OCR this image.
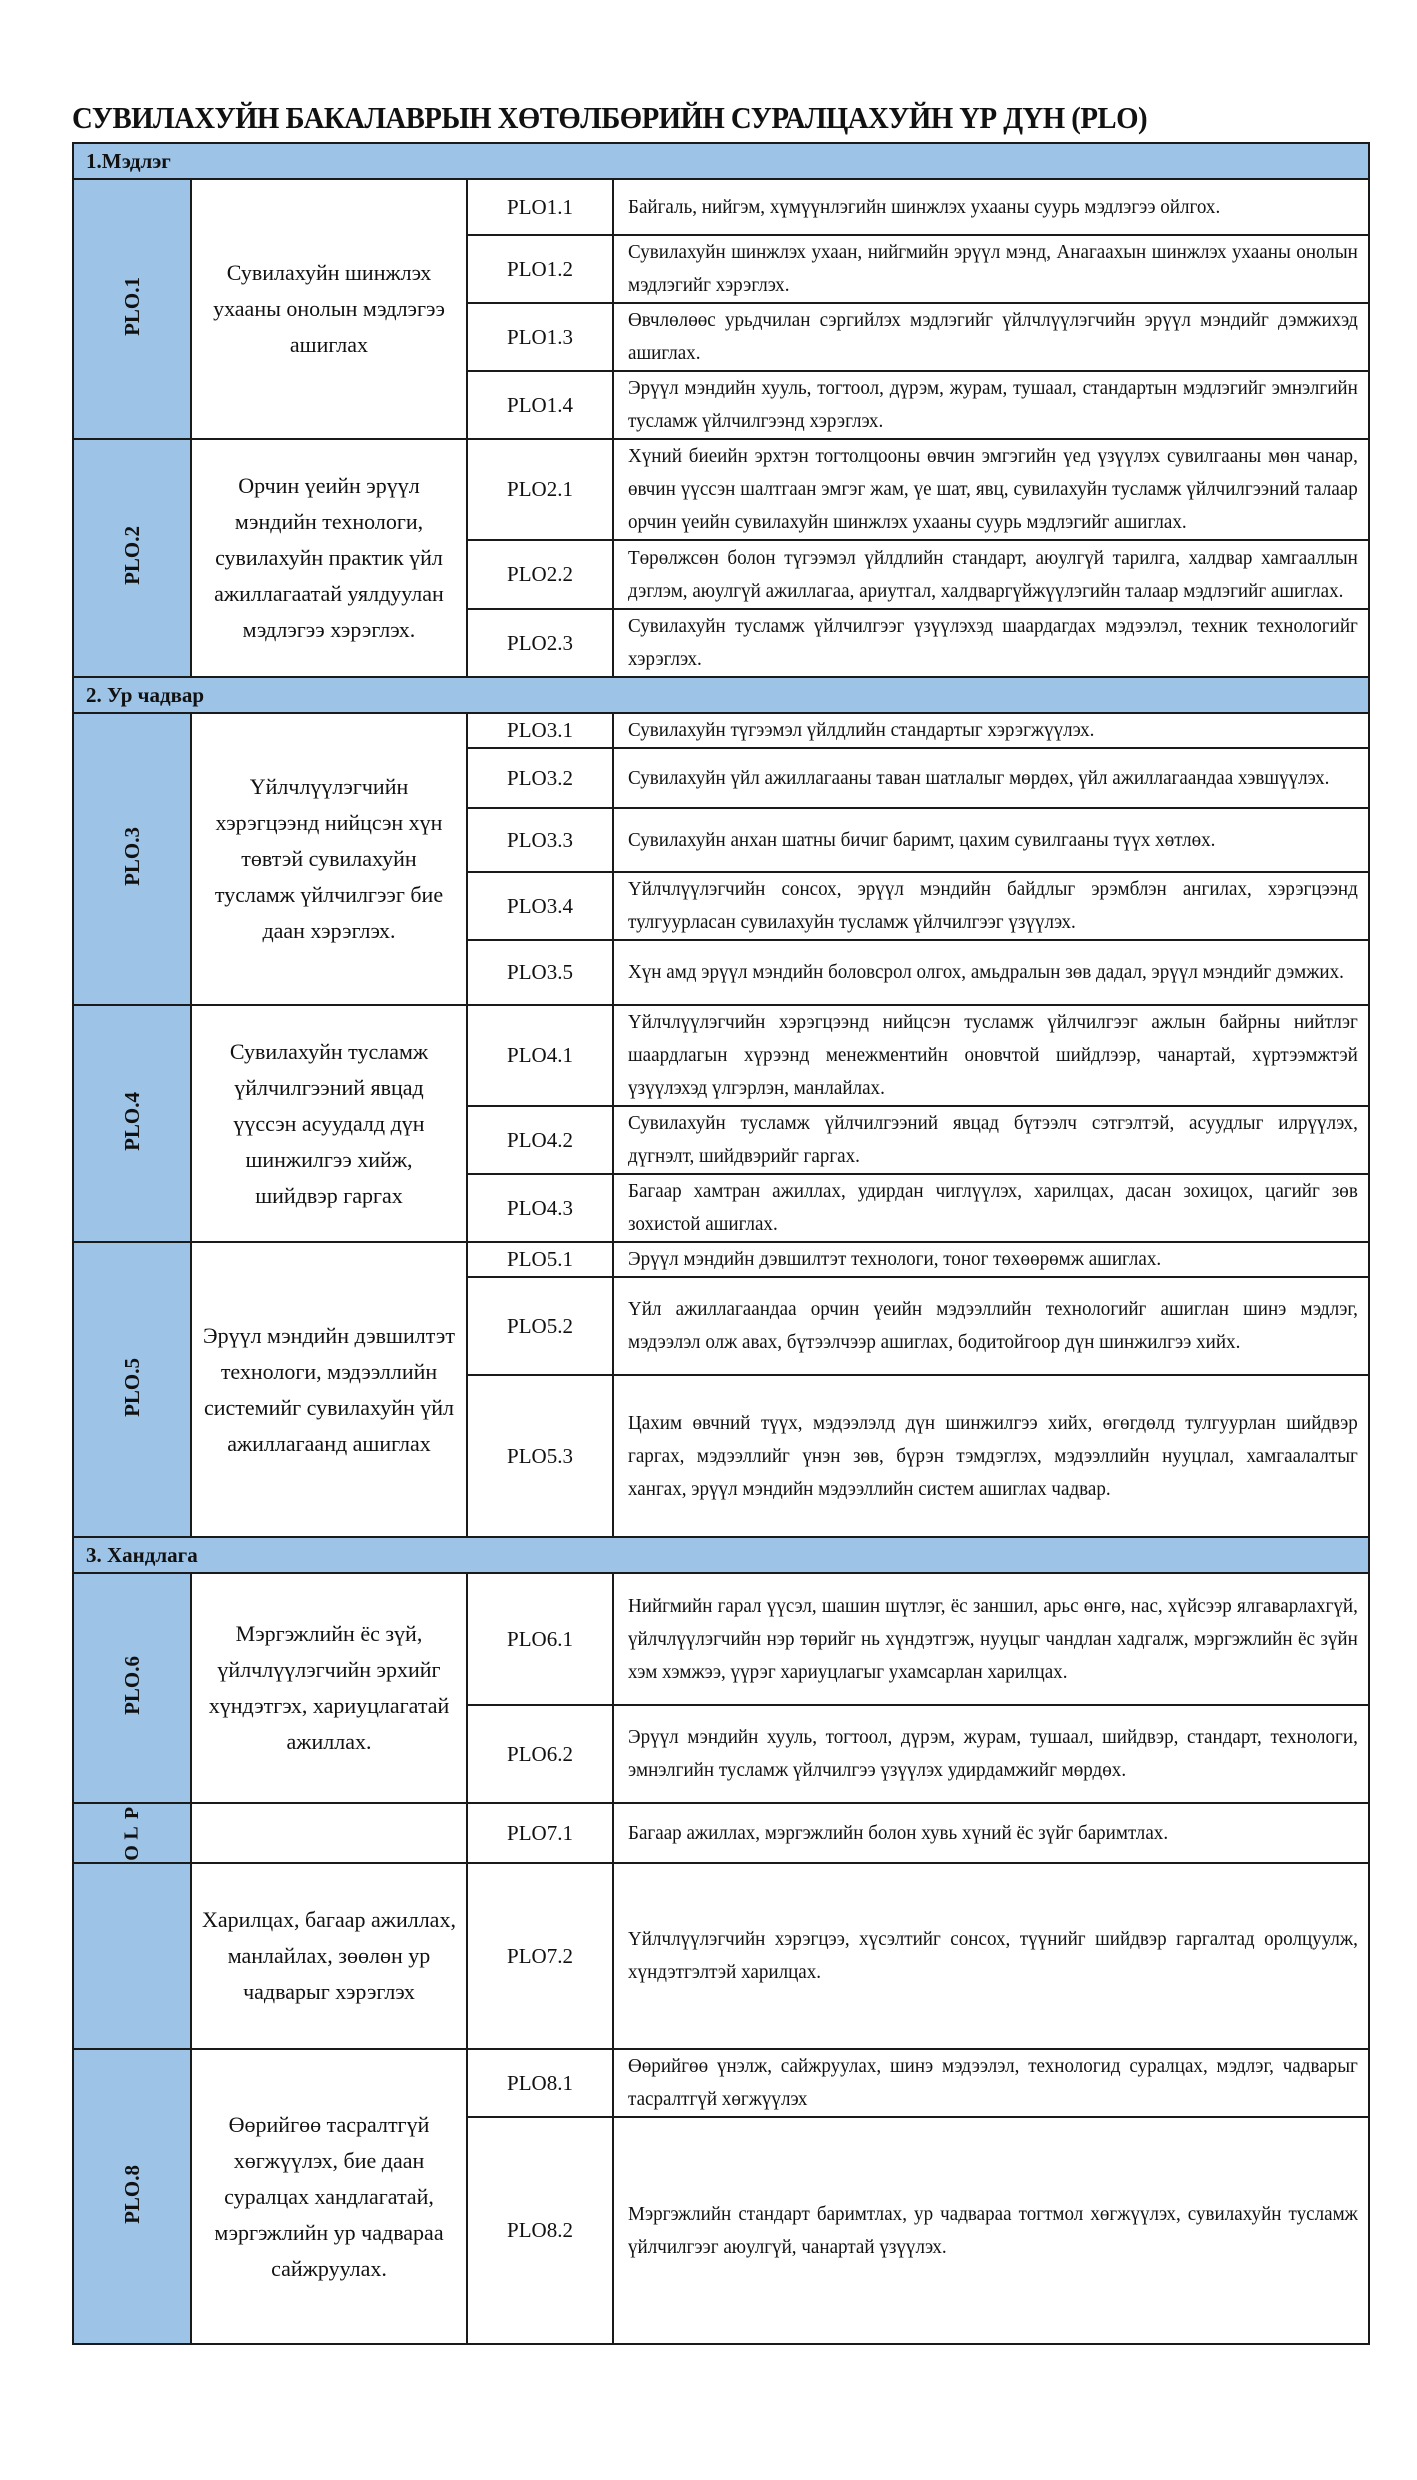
СУВИЛАХУЙН БАКАЛАВРЫН ХӨТӨЛБӨРИЙН СУРАЛЦАХУЙН ҮР ДҮН (PLO)
1.Мэдлэг			
PLO.1	Сувилахуйн шинжлэх ухааны онолын мэдлэгээ ашиглах	PLO1.1	Байгаль, нийгэм, хүмүүнлэгийн шинжлэх ухааны суурь мэдлэгээ ойлгох.

		PLO1.2	Сувилахуйн шинжлэх ухаан, нийгмийн эрүүл мэнд, Анагаахын шинжлэх ухааны онолын мэдлэгийг хэрэглэх.

		PLO1.3	Өвчлөлөөс урьдчилан сэргийлэх мэдлэгийг үйлчлүүлэгчийн эрүүл мэндийг дэмжихэд ашиглах.

		PLO1.4	Эрүүл мэндийн хууль, тогтоол, дүрэм, журам, тушаал, стандартын мэдлэгийг эмнэлгийн тусламж үйлчилгээнд хэрэглэх.

PLO.2	Орчин үеийн эрүүл мэндийн технологи, сувилахуйн практик үйл ажиллагаатай уялдуулан мэдлэгээ хэрэглэх.	PLO2.1	Хүний биеийн эрхтэн тогтолцооны өвчин эмгэгийн үед үзүүлэх сувилгааны мөн чанар, өвчин үүссэн шалтгаан эмгэг жам, үе шат, явц, сувилахуйн тусламж үйлчилгээний талаар орчин үеийн сувилахуйн шинжлэх ухааны суурь мэдлэгийг ашиглах.

		PLO2.2	Төрөлжсөн болон түгээмэл үйлдлийн стандарт, аюулгүй тарилга, халдвар хамгааллын дэглэм, аюулгүй ажиллагаа, ариутгал, халдваргүйжүүлэгийн талаар мэдлэгийг ашиглах.

		PLO2.3	Сувилахуйн тусламж үйлчилгээг үзүүлэхэд шаардагдах мэдээлэл, техник технологийг хэрэглэх.

2. Ур чадвар			
PLO.3	Үйлчлүүлэгчийн хэрэгцээнд нийцсэн хүн төвтэй сувилахуйн тусламж үйлчилгээг бие даан хэрэглэх.	PLO3.1	Сувилахуйн түгээмэл үйлдлийн стандартыг хэрэгжүүлэх.

		PLO3.2	Сувилахуйн үйл ажиллагааны таван шатлалыг мөрдөх, үйл ажиллагаандаа хэвшүүлэх.

		PLO3.3	Сувилахуйн анхан шатны бичиг баримт, цахим сувилгааны түүх хөтлөх.

		PLO3.4	Үйлчлүүлэгчийн сонсох, эрүүл мэндийн байдлыг эрэмблэн ангилах, хэрэгцээнд тулгуурласан сувилахуйн тусламж үйлчилгээг үзүүлэх.

		PLO3.5	Хүн амд эрүүл мэндийн боловсрол олгох, амьдралын зөв дадал, эрүүл мэндийг дэмжих.

PLO.4	Сувилахуйн тусламж үйлчилгээний явцад үүссэн асуудалд дүн шинжилгээ хийж, шийдвэр гаргах	PLO4.1	Үйлчлүүлэгчийн хэрэгцээнд нийцсэн тусламж үйлчилгээг ажлын байрны нийтлэг шаардлагын хүрээнд менежментийн оновчтой шийдлээр, чанартай, хүртээмжтэй үзүүлэхэд үлгэрлэн, манлайлах.

		PLO4.2	Сувилахуйн тусламж үйлчилгээний явцад бүтээлч сэтгэлтэй, асуудлыг илрүүлэх, дүгнэлт, шийдвэрийг гаргах.

		PLO4.3	Багаар хамтран ажиллах, удирдан чиглүүлэх, харилцах, дасан зохицох, цагийг зөв зохистой ашиглах.

PLO.5	Эрүүл мэндийн дэвшилтэт технологи, мэдээллийн системийг сувилахуйн үйл ажиллагаанд ашиглах	PLO5.1	Эрүүл мэндийн дэвшилтэт технологи, тоног төхөөрөмж ашиглах.

		PLO5.2	Үйл ажиллагаандаа орчин үеийн мэдээллийн технологийг ашиглан шинэ мэдлэг, мэдээлэл олж авах, бүтээлчээр ашиглах, бодитойгоор дүн шинжилгээ хийх.

		PLO5.3	Цахим өвчний түүх, мэдээлэлд дүн шинжилгээ хийх, өгөгдөлд тулгуурлан шийдвэр гаргах, мэдээллийг үнэн зөв, бүрэн тэмдэглэх, мэдээллийн нууцлал, хамгаалалтыг хангах, эрүүл мэндийн мэдээллийн систем ашиглах чадвар.

3. Хандлага			
PLO.6	Мэргэжлийн ёс зүй, үйлчлүүлэгчийн эрхийг хүндэтгэх, хариуцлагатай ажиллах.	PLO6.1	Нийгмийн гарал үүсэл, шашин шүтлэг, ёс заншил, арьс өнгө, нас, хүйсээр ялгаварлахгүй, үйлчлүүлэгчийн нэр төрийг нь хүндэтгэж, нууцыг чандлан хадгалж, мэргэжлийн ёс зүйн хэм хэмжээ, үүрэг хариуцлагыг ухамсарлан харилцах.

		PLO6.2	Эрүүл мэндийн хууль, тогтоол, дүрэм, журам, тушаал, шийдвэр, стандарт, технологи, эмнэлгийн тусламж үйлчилгээ үзүүлэх удирдамжийг мөрдөх.

P
L
O		PLO7.1	Багаар ажиллах, мэргэжлийн болон хувь хүний ёс зүйг баримтлах.

	Харилцах, багаар ажиллах, манлайлах, зөөлөн ур чадварыг хэрэглэх	PLO7.2	Үйлчлүүлэгчийн хэрэгцээ, хүсэлтийг сонсох, түүнийг шийдвэр гаргалтад оролцуулж, хүндэтгэлтэй харилцах.

PLO.8	Өөрийгөө тасралтгүй хөгжүүлэх, бие даан суралцах хандлагатай, мэргэжлийн ур чадвараа сайжруулах.	PLO8.1	Өөрийгөө үнэлж, сайжруулах, шинэ мэдээлэл, технологид суралцах, мэдлэг, чадварыг тасралтгүй хөгжүүлэх

		PLO8.2	Мэргэжлийн стандарт баримтлах, ур чадвараа тогтмол хөгжүүлэх, сувилахуйн тусламж үйлчилгээг аюулгүй, чанартай үзүүлэх.
